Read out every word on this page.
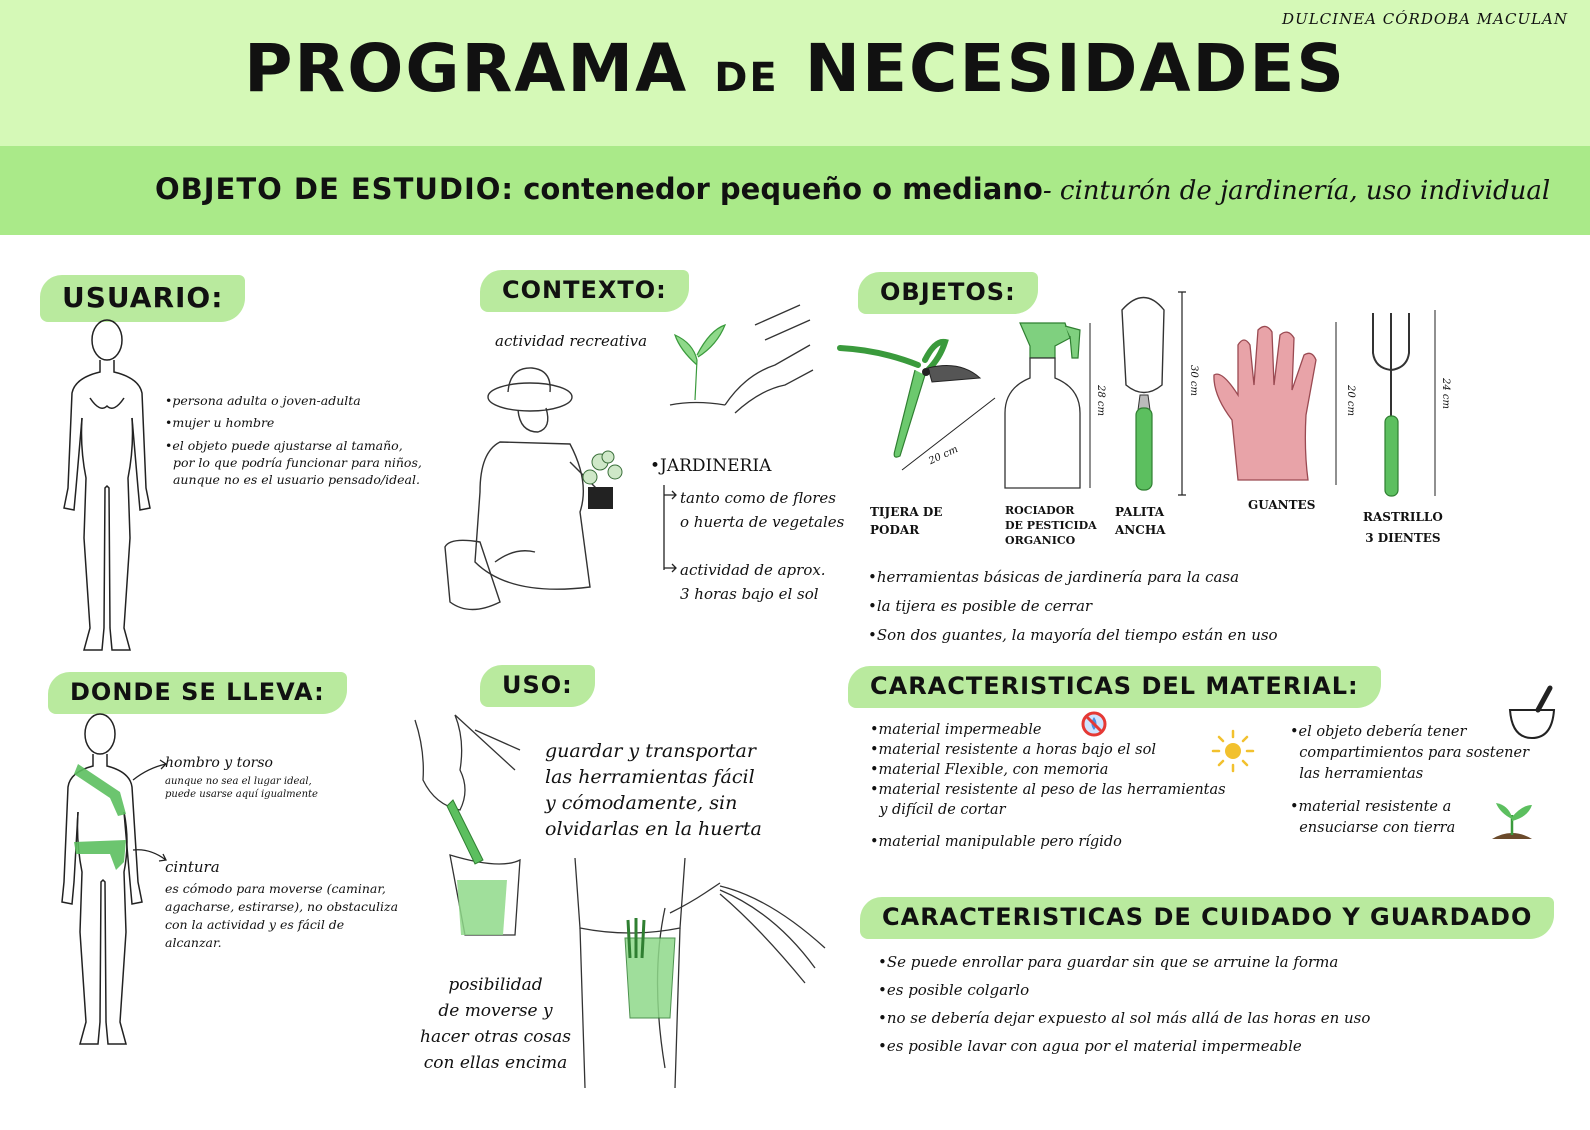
DULCINEA CÓRDOBA MACULAN
PROGRAMA DE NECESIDADES
OBJETO DE ESTUDIO: contenedor pequeño o mediano- cinturón de jardinería, uso individual
USUARIO:
•persona adulta o joven-adulta
•mujer u hombre
•el objeto puede ajustarse al tamaño,
por lo que podría funcionar para niños,
aunque no es el usuario pensado/ideal.
CONTEXTO:
actividad recreativa
•JARDINERIA
tanto como de flores
o huerta de vegetales
actividad de aprox.
3 horas bajo el sol
OBJETOS:
20 cm
28 cm
30 cm
20 cm	24 cm
TIJERA DE
PODAR
ROCIADOR
DE PESTICIDA
ORGANICO
PALITA
ANCHA
GUANTES
RASTRILLO
3 DIENTES
•herramientas básicas de jardinería para la casa
•la tijera es posible de cerrar
•Son dos guantes, la mayoría del tiempo están en uso
DONDE SE LLEVA:
hombro y torso
aunque no sea el lugar ideal,
puede usarse aquí igualmente
cintura
es cómodo para moverse (caminar,
agacharse, estirarse), no obstaculiza
con la actividad y es fácil de
alcanzar.
USO:
guardar y transportar
las herramientas fácil
y cómodamente, sin
olvidarlas en la huerta
posibilidad
de moverse y
hacer otras cosas
con ellas encima
CARACTERISTICAS DEL MATERIAL:
•material impermeable
•material resistente a horas bajo el sol
•material Flexible, con memoria
•material resistente al peso de las herramientas
y difícil de cortar
•material manipulable pero rígido
•el objeto debería tener
compartimientos para sostener
las herramientas
•material resistente a
ensuciarse con tierra
CARACTERISTICAS DE CUIDADO Y GUARDADO
•Se puede enrollar para guardar sin que se arruine la forma
•es posible colgarlo
•no se debería dejar expuesto al sol más allá de las horas en uso
•es posible lavar con agua por el material impermeable
